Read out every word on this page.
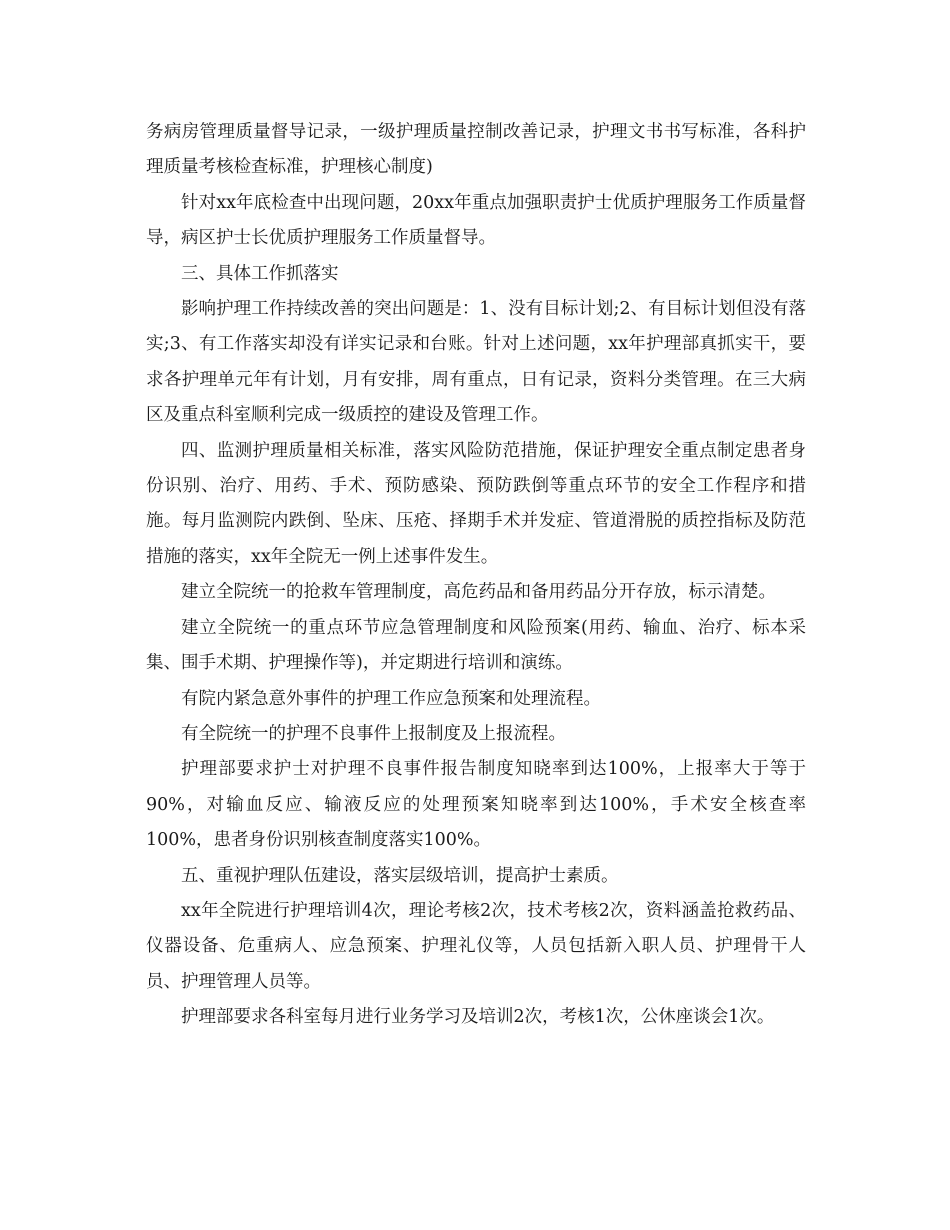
务病房管理质量督导记录，一级护理质量控制改善记录，护理文书书写标准，各科护理质量考核检查标准，护理核心制度)

针对xx年底检查中出现问题，20xx年重点加强职责护士优质护理服务工作质量督导，病区护士长优质护理服务工作质量督导。

三、具体工作抓落实

影响护理工作持续改善的突出问题是：1、没有目标计划;2、有目标计划但没有落实;3、有工作落实却没有详实记录和台账。针对上述问题，xx年护理部真抓实干，要求各护理单元年有计划，月有安排，周有重点，日有记录，资料分类管理。在三大病区及重点科室顺利完成一级质控的建设及管理工作。

四、监测护理质量相关标准，落实风险防范措施，保证护理安全重点制定患者身份识别、治疗、用药、手术、预防感染、预防跌倒等重点环节的安全工作程序和措施。每月监测院内跌倒、坠床、压疮、择期手术并发症、管道滑脱的质控指标及防范措施的落实，xx年全院无一例上述事件发生。

建立全院统一的抢救车管理制度，高危药品和备用药品分开存放，标示清楚。

建立全院统一的重点环节应急管理制度和风险预案(用药、输血、治疗、标本采集、围手术期、护理操作等)，并定期进行培训和演练。

有院内紧急意外事件的护理工作应急预案和处理流程。

有全院统一的护理不良事件上报制度及上报流程。

护理部要求护士对护理不良事件报告制度知晓率到达100%，上报率大于等于90%，对输血反应、输液反应的处理预案知晓率到达100%，手术安全核查率100%，患者身份识别核查制度落实100%。

五、重视护理队伍建设，落实层级培训，提高护士素质。

xx年全院进行护理培训4次，理论考核2次，技术考核2次，资料涵盖抢救药品、仪器设备、危重病人、应急预案、护理礼仪等，人员包括新入职人员、护理骨干人员、护理管理人员等。

护理部要求各科室每月进行业务学习及培训2次，考核1次，公休座谈会1次。
